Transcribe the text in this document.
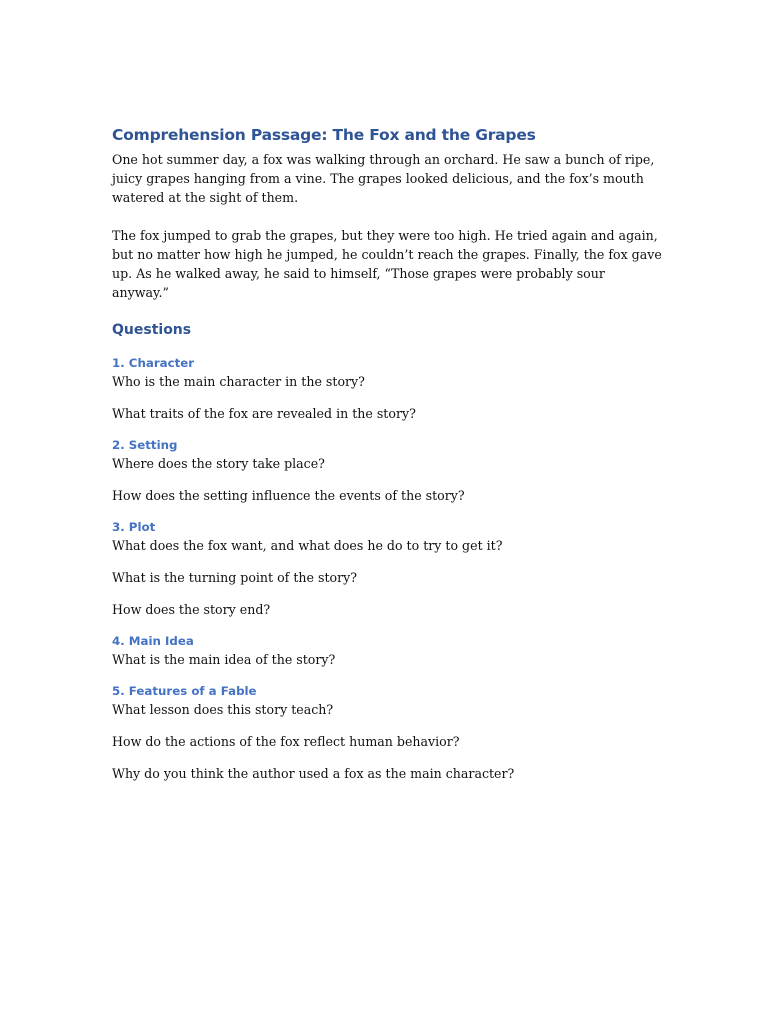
Comprehension Passage: The Fox and the Grapes

One hot summer day, a fox was walking through an orchard. He saw a bunch of ripe, juicy grapes hanging from a vine. The grapes looked delicious, and the fox’s mouth watered at the sight of them.

The fox jumped to grab the grapes, but they were too high. He tried again and again, but no matter how high he jumped, he couldn’t reach the grapes. Finally, the fox gave up. As he walked away, he said to himself, “Those grapes were probably sour anyway.”

Questions
1. Character

Who is the main character in the story?

What traits of the fox are revealed in the story?

2. Setting

Where does the story take place?

How does the setting influence the events of the story?

3. Plot

What does the fox want, and what does he do to try to get it?

What is the turning point of the story?

How does the story end?

4. Main Idea

What is the main idea of the story?

5. Features of a Fable

What lesson does this story teach?

How do the actions of the fox reflect human behavior?

Why do you think the author used a fox as the main character?
